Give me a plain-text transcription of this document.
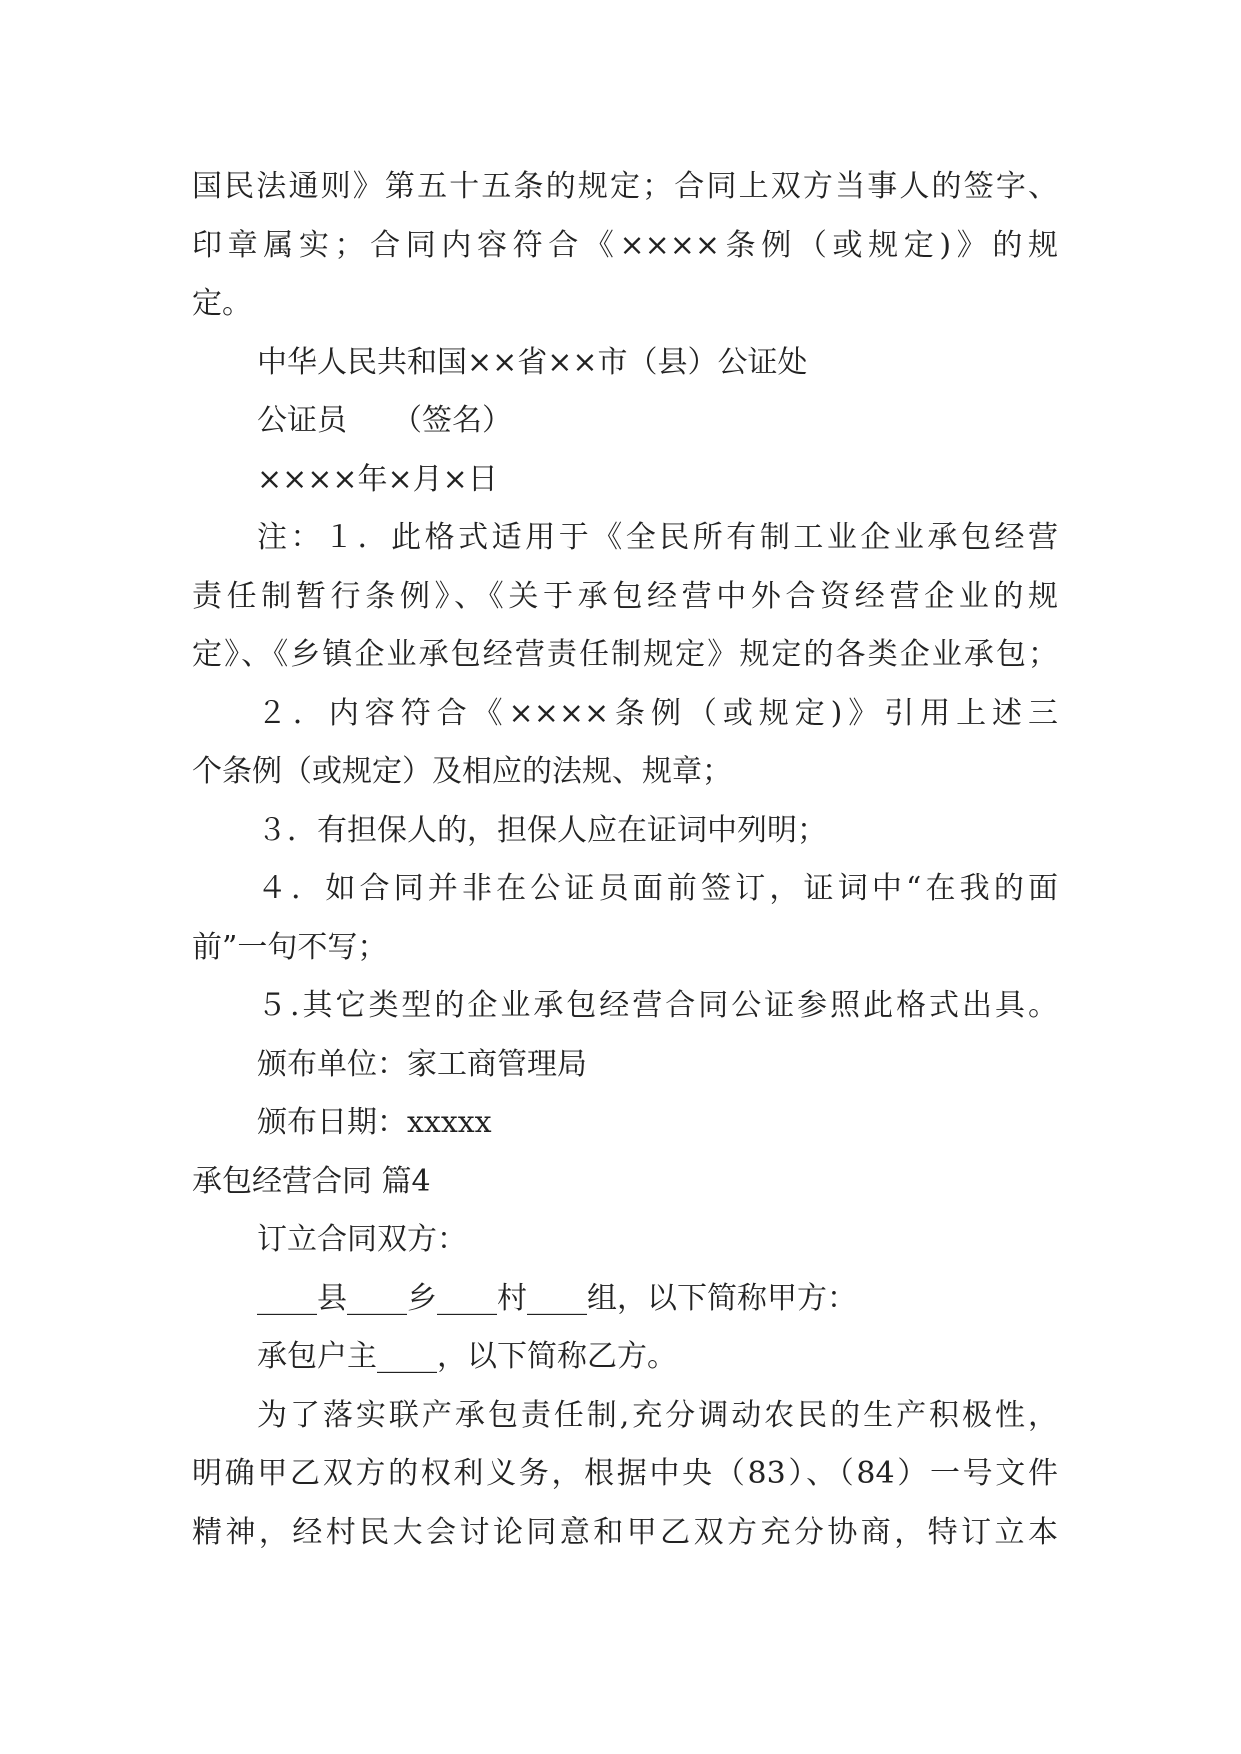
国民法通则》第五十五条的规定；合同上双方当事人的签字、
印章属实；合同内容符合《××××条例（或规定)》的规
定。
中华人民共和国××省××市（县）公证处
公证员　　（签名）
××××年×月×日
注：１．此格式适用于《全民所有制工业企业承包经营
责任制暂行条例》、《关于承包经营中外合资经营企业的规
定》、《乡镇企业承包经营责任制规定》规定的各类企业承包；
２．内容符合《××××条例（或规定)》引用上述三
个条例（或规定）及相应的法规、规章；
３．有担保人的，担保人应在证词中列明；
４．如合同并非在公证员面前签订，证词中“在我的面
前”一句不写；
５.其它类型的企业承包经营合同公证参照此格式出具。
颁布单位：家工商管理局
颁布日期：xxxxx
承包经营合同 篇4
订立合同双方：
____县____乡____村____组，以下简称甲方：
承包户主____，以下简称乙方。
为了落实联产承包责任制,充分调动农民的生产积极性，
明确甲乙双方的权利义务，根据中央（83）、（84）一号文件
精神，经村民大会讨论同意和甲乙双方充分协商，特订立本
